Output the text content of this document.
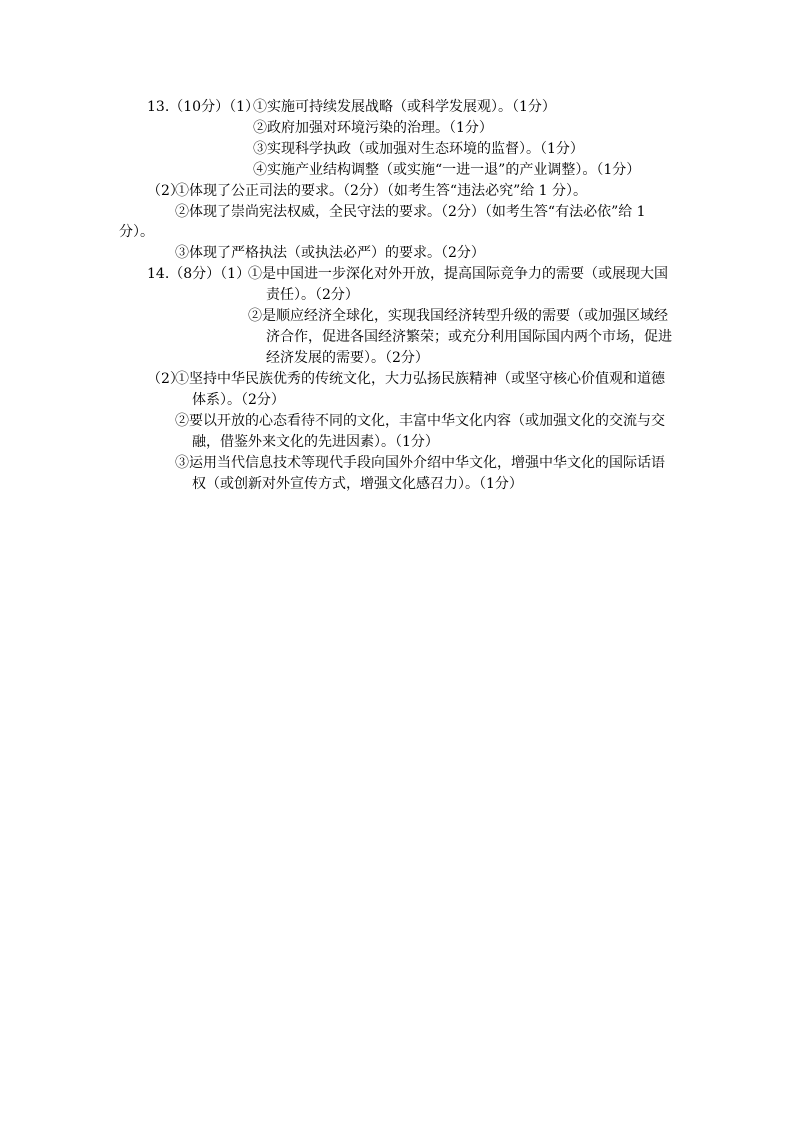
13.（10分）（1）
①实施可持续发展战略（或科学发展观）。（1分）
②政府加强对环境污染的治理。（1分）
③实现科学执政（或加强对生态环境的监督）。（1分）
④实施产业结构调整（或实施“一进一退”的产业调整）。（1分）
（2）
①体现了公正司法的要求。（2分）（如考生答“违法必究”给 1 分）。
②体现了崇尚宪法权威，全民守法的要求。（2分）（如考生答“有法必依”给 1
分）。
③体现了严格执法（或执法必严）的要求。（2分）
14.（8分）（1）
①是中国进一步深化对外开放，提高国际竞争力的需要（或展现大国
责任）。（2分）
②是顺应经济全球化，实现我国经济转型升级的需要（或加强区域经
济合作，促进各国经济繁荣；或充分利用国际国内两个市场，促进
经济发展的需要）。（2分）
（2）
①坚持中华民族优秀的传统文化，大力弘扬民族精神（或坚守核心价值观和道德
体系）。（2分）
②要以开放的心态看待不同的文化，丰富中华文化内容（或加强文化的交流与交
融，借鉴外来文化的先进因素）。（1分）
③运用当代信息技术等现代手段向国外介绍中华文化，增强中华文化的国际话语
权（或创新对外宣传方式，增强文化感召力）。（1分）
